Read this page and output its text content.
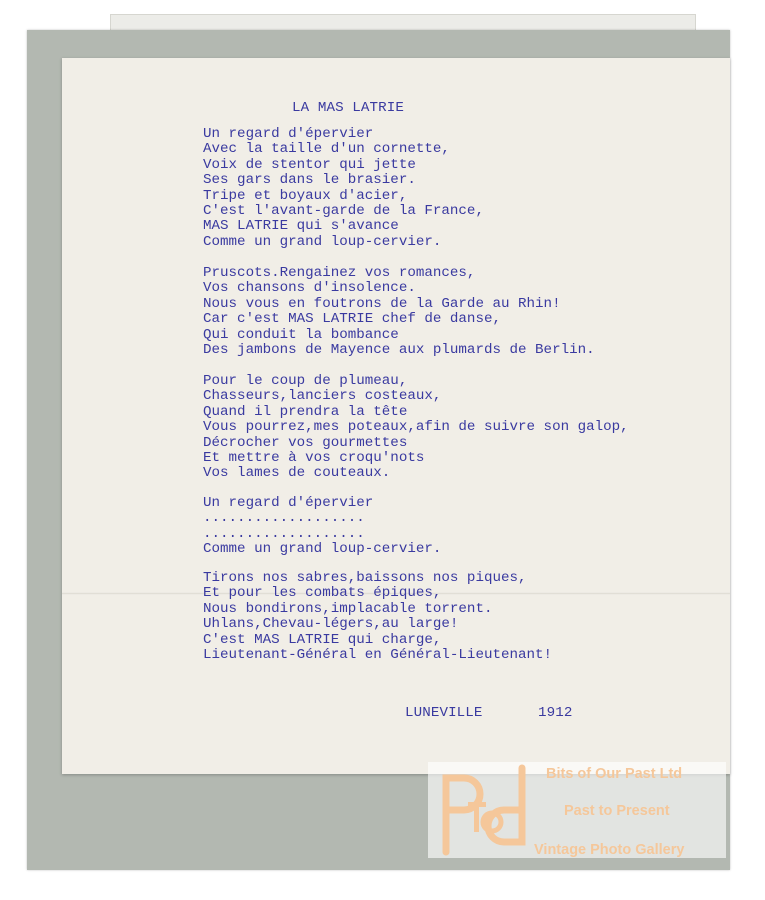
LA MAS LATRIE
Un regard d'épervier
Avec la taille d'un cornette,
Voix de stentor qui jette
Ses gars dans le brasier.
Tripe et boyaux d'acier,
C'est l'avant-garde de la France,
MAS LATRIE qui s'avance
Comme un grand loup-cervier.
Pruscots.Rengainez vos romances,
Vos chansons d'insolence.
Nous vous en foutrons de la Garde au Rhin!
Car c'est MAS LATRIE chef de danse,
Qui conduit la bombance
Des jambons de Mayence aux plumards de Berlin.
Pour le coup de plumeau,
Chasseurs,lanciers costeaux,
Quand il prendra la tête
Vous pourrez,mes poteaux,afin de suivre son galop,
Décrocher vos gourmettes
Et mettre à vos croqu'nots
Vos lames de couteaux.
Un regard d'épervier
...................
...................
Comme un grand loup-cervier.
Tirons nos sabres,baissons nos piques,
Et pour les combats épiques,
Nous bondirons,implacable torrent.
Uhlans,Chevau-légers,au large!
C'est MAS LATRIE qui charge,
Lieutenant-Général en Général-Lieutenant!
LUNEVILLE	1912
Bits of Our Past Ltd
Past to Present
Vintage Photo Gallery
